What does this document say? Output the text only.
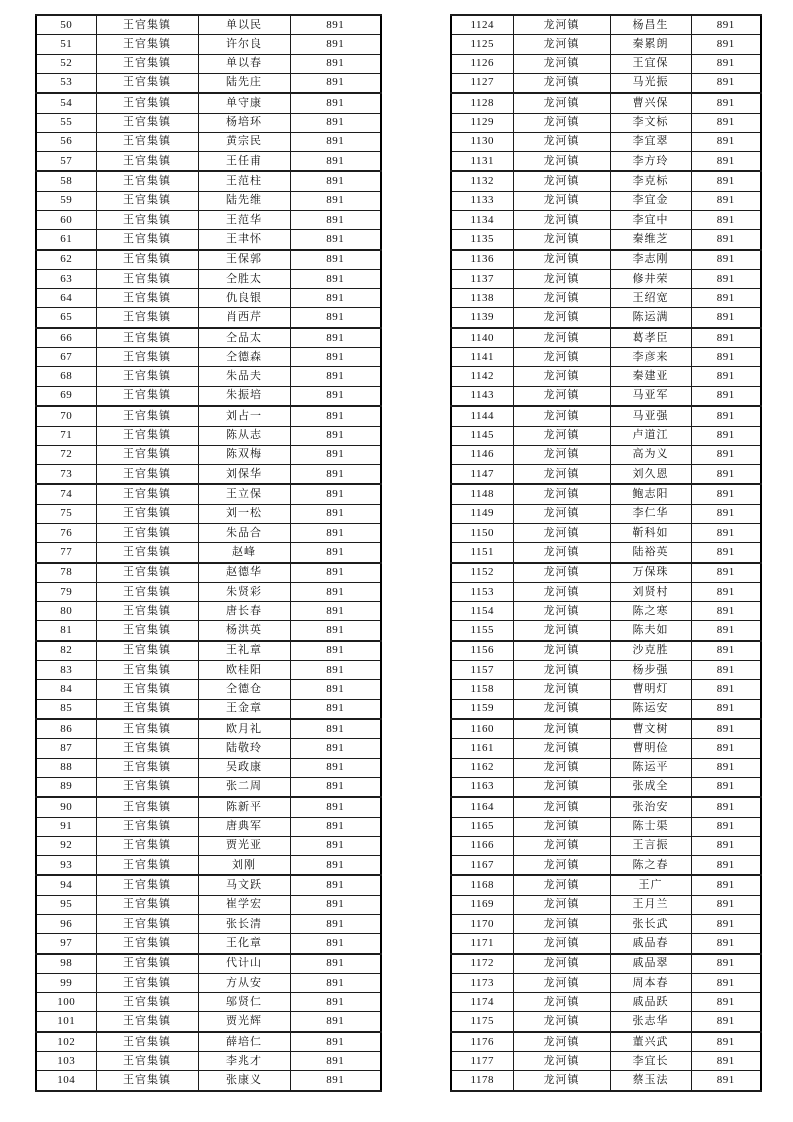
50	王官集镇	单以民	891
51	王官集镇	许尔良	891
52	王官集镇	单以春	891
53	王官集镇	陆先庄	891
54	王官集镇	单守康	891
55	王官集镇	杨培环	891
56	王官集镇	黄宗民	891
57	王官集镇	王任甫	891
58	王官集镇	王范柱	891
59	王官集镇	陆先维	891
60	王官集镇	王范华	891
61	王官集镇	王聿怀	891
62	王官集镇	王保郭	891
63	王官集镇	仝胜太	891
64	王官集镇	仇良银	891
65	王官集镇	肖西芹	891
66	王官集镇	仝品太	891
67	王官集镇	仝德森	891
68	王官集镇	朱品夫	891
69	王官集镇	朱振培	891
70	王官集镇	刘占一	891
71	王官集镇	陈从志	891
72	王官集镇	陈双梅	891
73	王官集镇	刘保华	891
74	王官集镇	王立保	891
75	王官集镇	刘一松	891
76	王官集镇	朱品合	891
77	王官集镇	赵峰	891
78	王官集镇	赵德华	891
79	王官集镇	朱贤彩	891
80	王官集镇	唐长春	891
81	王官集镇	杨洪英	891
82	王官集镇	王礼章	891
83	王官集镇	欧桂阳	891
84	王官集镇	仝德仓	891
85	王官集镇	王金章	891
86	王官集镇	欧月礼	891
87	王官集镇	陆敬玲	891
88	王官集镇	吴政康	891
89	王官集镇	张二周	891
90	王官集镇	陈新平	891
91	王官集镇	唐典军	891
92	王官集镇	贾光亚	891
93	王官集镇	刘刚	891
94	王官集镇	马文跃	891
95	王官集镇	崔学宏	891
96	王官集镇	张长清	891
97	王官集镇	王化章	891
98	王官集镇	代计山	891
99	王官集镇	方从安	891
100	王官集镇	邬贤仁	891
101	王官集镇	贾光辉	891
102	王官集镇	薛培仁	891
103	王官集镇	李兆才	891
104	王官集镇	张康义	891
1124	龙河镇	杨昌生	891
1125	龙河镇	秦累朗	891
1126	龙河镇	王宜保	891
1127	龙河镇	马光振	891
1128	龙河镇	曹兴保	891
1129	龙河镇	李文标	891
1130	龙河镇	李宜翠	891
1131	龙河镇	李方玲	891
1132	龙河镇	李克标	891
1133	龙河镇	李宜金	891
1134	龙河镇	李宜中	891
1135	龙河镇	秦维芝	891
1136	龙河镇	李志刚	891
1137	龙河镇	修井荣	891
1138	龙河镇	王绍宽	891
1139	龙河镇	陈运满	891
1140	龙河镇	葛孝臣	891
1141	龙河镇	李彦来	891
1142	龙河镇	秦建亚	891
1143	龙河镇	马亚军	891
1144	龙河镇	马亚强	891
1145	龙河镇	卢道江	891
1146	龙河镇	高为义	891
1147	龙河镇	刘久恩	891
1148	龙河镇	鲍志阳	891
1149	龙河镇	李仁华	891
1150	龙河镇	靳科如	891
1151	龙河镇	陆裕英	891
1152	龙河镇	万保珠	891
1153	龙河镇	刘贤村	891
1154	龙河镇	陈之寒	891
1155	龙河镇	陈夫如	891
1156	龙河镇	沙克胜	891
1157	龙河镇	杨步强	891
1158	龙河镇	曹明灯	891
1159	龙河镇	陈运安	891
1160	龙河镇	曹文树	891
1161	龙河镇	曹明俭	891
1162	龙河镇	陈运平	891
1163	龙河镇	张成全	891
1164	龙河镇	张治安	891
1165	龙河镇	陈士渠	891
1166	龙河镇	王言振	891
1167	龙河镇	陈之春	891
1168	龙河镇	王广	891
1169	龙河镇	王月兰	891
1170	龙河镇	张长武	891
1171	龙河镇	戚品春	891
1172	龙河镇	戚品翠	891
1173	龙河镇	周本春	891
1174	龙河镇	戚品跃	891
1175	龙河镇	张志华	891
1176	龙河镇	董兴武	891
1177	龙河镇	李宜长	891
1178	龙河镇	蔡玉法	891
